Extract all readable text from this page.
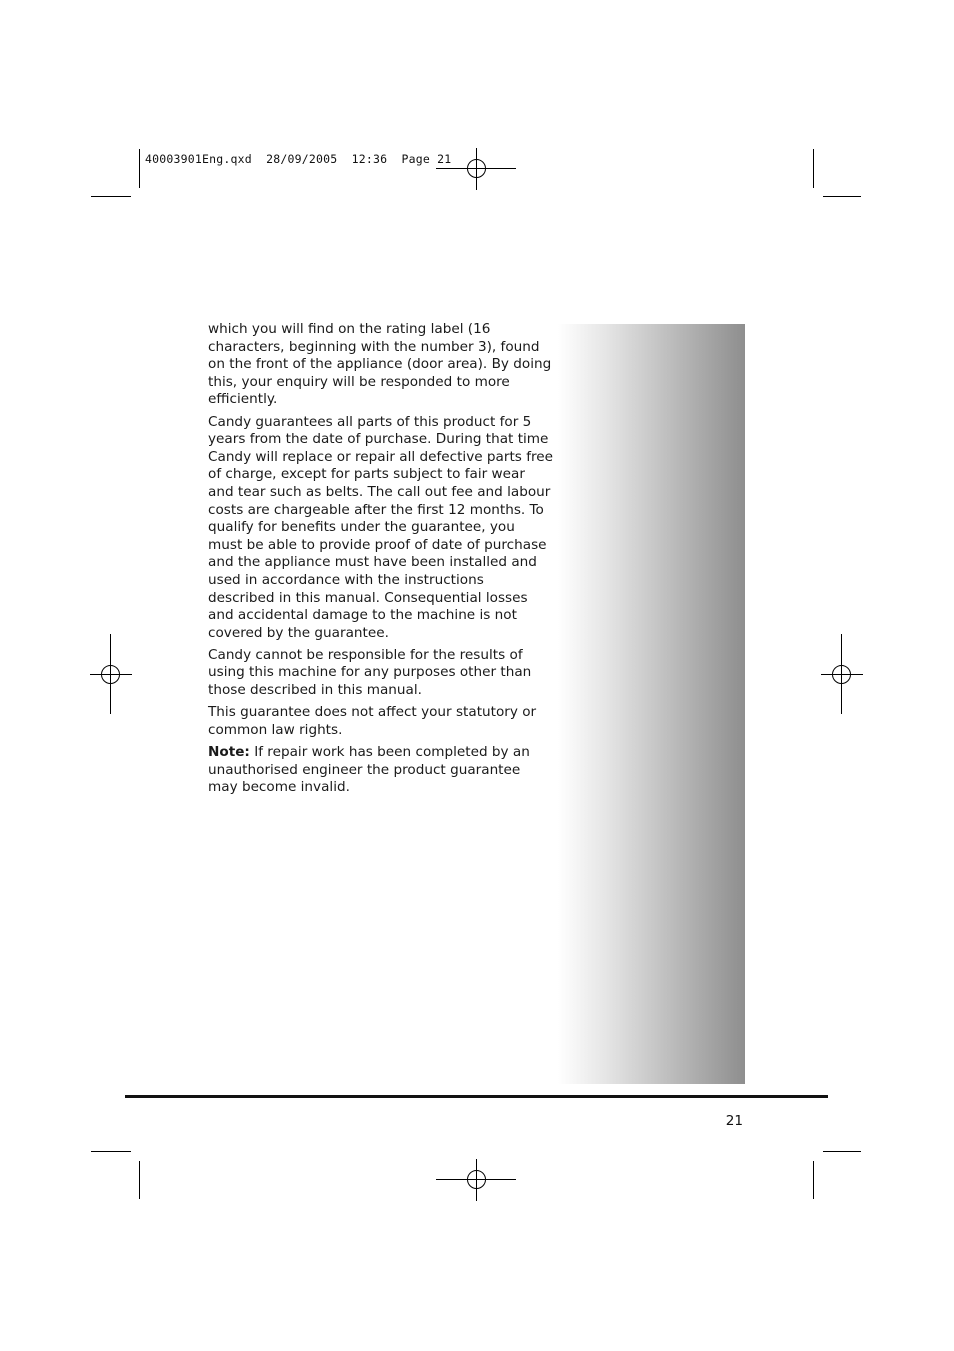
40003901Eng.qxd  28/09/2005  12:36  Page 21

which you will find on the rating label (16 characters, beginning with the number 3), found on the front of the appliance (door area). By doing this, your enquiry will be responded to more efficiently.

Candy guarantees all parts of this product for 5 years from the date of purchase. During that time Candy will replace or repair all defective parts free of charge, except for parts subject to fair wear and tear such as belts. The call out fee and labour costs are chargeable after the first 12 months. To qualify for benefits under the guarantee, you must be able to provide proof of date of purchase and the appliance must have been installed and used in accordance with the instructions described in this manual. Consequential losses and accidental damage to the machine is not covered by the guarantee.

Candy cannot be responsible for the results of using this machine for any purposes other than those described in this manual.

This guarantee does not affect your statutory or common law rights.

Note: If repair work has been completed by an unauthorised engineer the product guarantee may become invalid.

21
